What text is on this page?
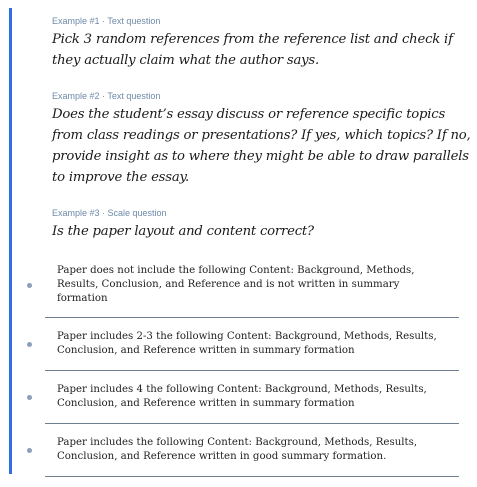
Example #1 · Text question
Pick 3 random references from the reference list and check if they actually claim what the author says.
Example #2 · Text question
Does the student’s essay discuss or reference specific topics from class readings or presentations? If yes, which topics? If no, provide insight as to where they might be able to draw parallels to improve the essay.
Example #3 · Scale question
Is the paper layout and content correct?
Paper does not include the following Content: Background, Methods, Results, Conclusion, and Reference and is not written in summary formation
Paper includes 2-3 the following Content: Background, Methods, Results, Conclusion, and Reference written in summary formation
Paper includes 4 the following Content: Background, Methods, Results, Conclusion, and Reference written in summary formation
Paper includes the following Content: Background, Methods, Results, Conclusion, and Reference written in good summary formation.
